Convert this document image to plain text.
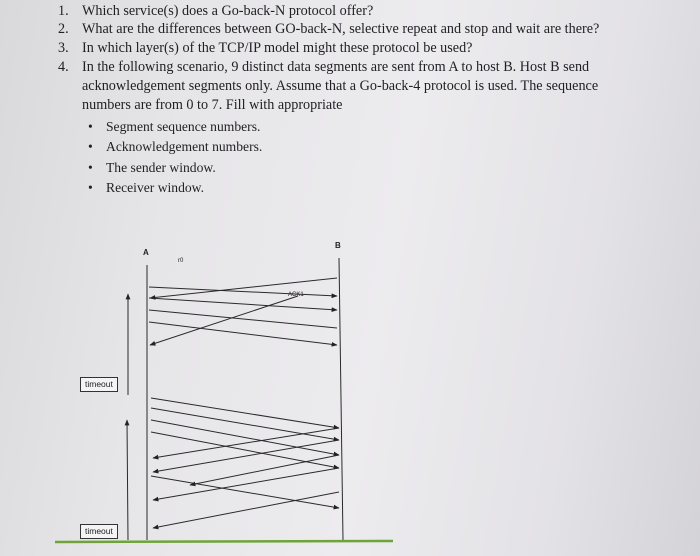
1. Which service(s) does a Go-back-N protocol offer?
2. What are the differences between GO-back-N, selective repeat and stop and wait are there?
3. In which layer(s) of the TCP/IP model might these protocol be used?
4. In the following scenario, 9 distinct data segments are sent from A to host B. Host B send
acknowledgement segments only. Assume that a Go-back-4 protocol is used. The sequence
numbers are from 0 to 7. Fill with appropriate
• Segment sequence numbers.
• Acknowledgement numbers.
• The sender window.
• Receiver window.
A
B
r0
ACK1
timeout
timeout
